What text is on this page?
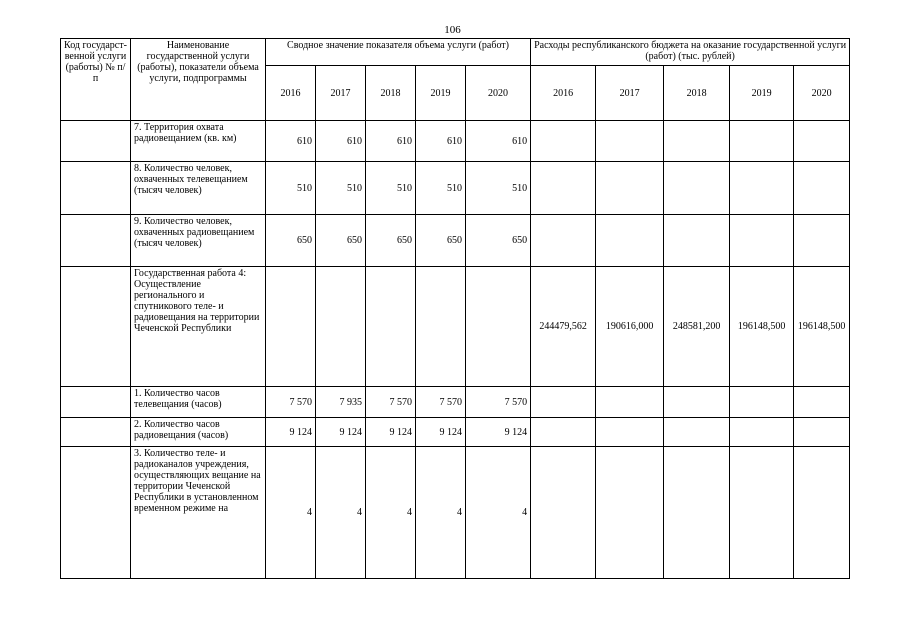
106
Код государст-венной услуги (работы) № п/п	Наименование государственной услуги (работы), показатели объема услуги, подпрограммы	Сводное значение показателя объема услуги (работ)					Расходы республиканского бюджета на оказание государственной услуги (работ) (тыс. рублей)				
		2016	2017	2018	2019	2020	2016	2017	2018	2019	2020
	7. Территория охвата радиовещанием (кв. км)	610	610	610	610	610					
	8. Количество человек, охваченных телевещанием (тысяч человек)	510	510	510	510	510					
	9. Количество человек, охваченных радиовещанием (тысяч человек)	650	650	650	650	650					
	Государственная работа 4: Осуществление регионального и спутникового теле- и радиовещания на территории Чеченской Республики						244479,562	190616,000	248581,200	196148,500	196148,500
	1. Количество часов телевещания (часов)	7 570	7 935	7 570	7 570	7 570					
	2. Количество часов радиовещания (часов)	9 124	9 124	9 124	9 124	9 124					
	3. Количество теле- и радиоканалов учреждения, осуществляющих вещание на территории Чеченской Республики в установленном временном режиме на	4	4	4	4	4					
